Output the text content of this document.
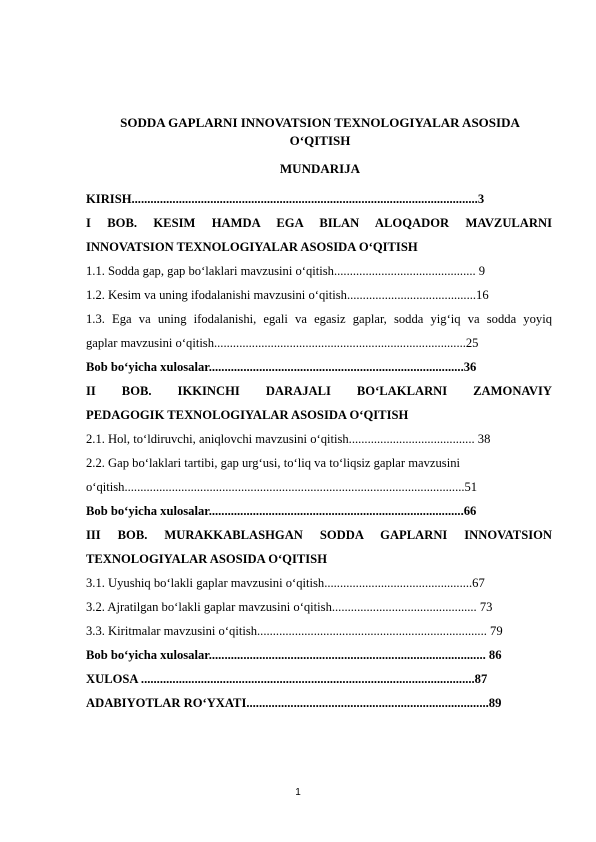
SODDA GAPLARNI INNOVATSION TEXNOLOGIYALAR ASOSIDA
O‘QITISH
MUNDARIJA
KIRISH..............................................................................................................3
I BOB. KESIM HAMDA EGA BILAN ALOQADOR MAVZULARNI
INNOVATSION TEXNOLOGIYALAR ASOSIDA O‘QITISH
1.1. Sodda gap, gap bo‘laklari mavzusini o‘qitish............................................. 9
1.2. Kesim va uning ifodalanishi mavzusini o‘qitish.........................................16
1.3. Ega va uning ifodalanishi, egali va egasiz gaplar, sodda yig‘iq va sodda yoyiq
gaplar mavzusini o‘qitish................................................................................25
Bob bo‘yicha xulosalar.................................................................................36
II BOB. IKKINCHI DARAJALI BO‘LAKLARNI ZAMONAVIY
PEDAGOGIK TEXNOLOGIYALAR ASOSIDA O‘QITISH
2.1. Hol, to‘ldiruvchi, aniqlovchi mavzusini o‘qitish........................................ 38
2.2. Gap bo‘laklari tartibi, gap urg‘usi, to‘liq va to‘liqsiz gaplar mavzusini
o‘qitish............................................................................................................51
Bob bo‘yicha xulosalar.................................................................................66
III BOB. MURAKKABLASHGAN SODDA GAPLARNI INNOVATSION
TEXNOLOGIYALAR ASOSIDA O‘QITISH
3.1. Uyushiq bo‘lakli gaplar mavzusini o‘qitish...............................................67
3.2. Ajratilgan bo‘lakli gaplar mavzusini o‘qitish.............................................. 73
3.3. Kiritmalar mavzusini o‘qitish......................................................................... 79
Bob bo‘yicha xulosalar........................................................................................ 86
XULOSA ..........................................................................................................87
ADABIYOTLAR RO‘YXATI.............................................................................89
1
